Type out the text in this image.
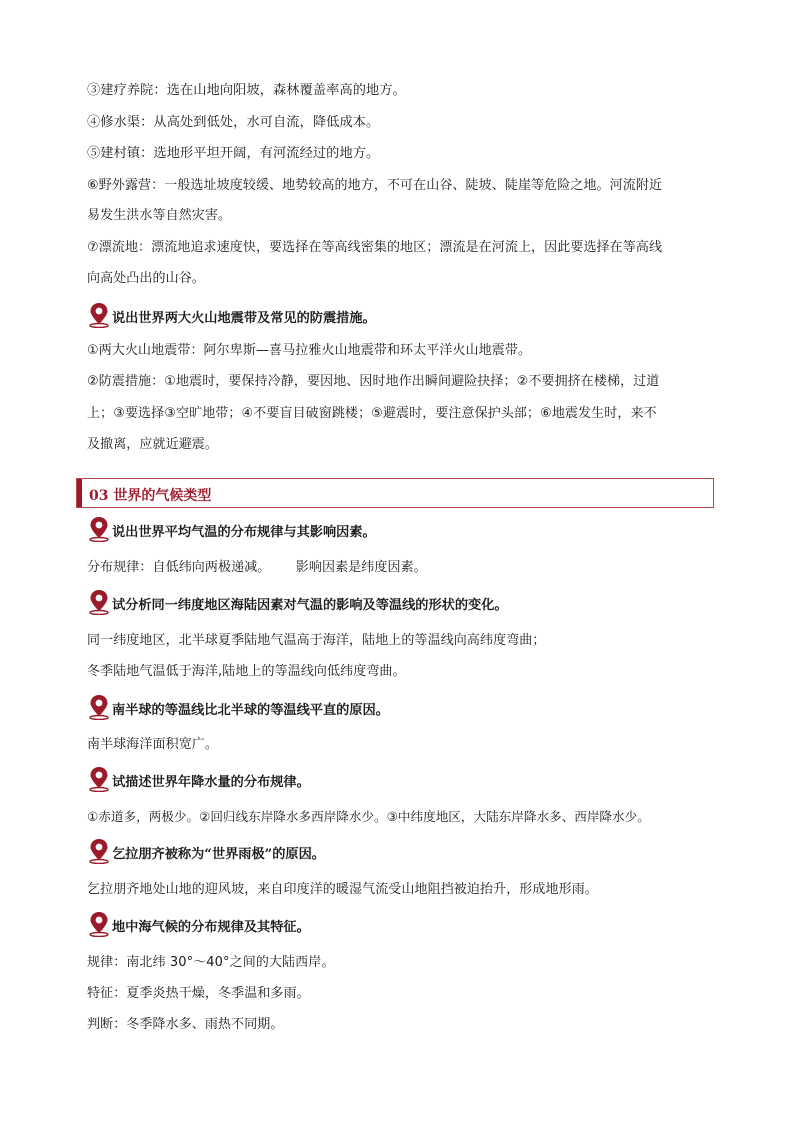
③建疗养院：选在山地向阳坡，森林覆盖率高的地方。
④修水渠：从高处到低处，水可自流，降低成本。
⑤建村镇：选地形平坦开阔，有河流经过的地方。
⑥野外露营：一般选址坡度较缓、地势较高的地方，不可在山谷、陡坡、陡崖等危险之地。河流附近
易发生洪水等自然灾害。
⑦漂流地：漂流地追求速度快，要选择在等高线密集的地区；漂流是在河流上，因此要选择在等高线
向高处凸出的山谷。
说出世界两大火山地震带及常见的防震措施。
①两大火山地震带：阿尔卑斯—喜马拉雅火山地震带和环太平洋火山地震带。
②防震措施：①地震时，要保持冷静，要因地、因时地作出瞬间避险抉择；②不要拥挤在楼梯，过道
上；③要选择③空旷地带；④不要盲目破窗跳楼；⑤避震时，要注意保护头部；⑥地震发生时，来不
及撤离，应就近避震。
03 世界的气候类型
说出世界平均气温的分布规律与其影响因素。
分布规律：自低纬向两极递减。      影响因素是纬度因素。
试分析同一纬度地区海陆因素对气温的影响及等温线的形状的变化。
同一纬度地区，北半球夏季陆地气温高于海洋，陆地上的等温线向高纬度弯曲；
冬季陆地气温低于海洋,陆地上的等温线向低纬度弯曲。
南半球的等温线比北半球的等温线平直的原因。
南半球海洋面积宽广。
试描述世界年降水量的分布规律。
①赤道多，两极少。②回归线东岸降水多西岸降水少。③中纬度地区，大陆东岸降水多、西岸降水少。
乞拉朋齐被称为“世界雨极”的原因。
乞拉朋齐地处山地的迎风坡，来自印度洋的暖湿气流受山地阻挡被迫抬升，形成地形雨。
地中海气候的分布规律及其特征。
规律：南北纬 30°～40°之间的大陆西岸。
特征：夏季炎热干燥，冬季温和多雨。
判断：冬季降水多、雨热不同期。
